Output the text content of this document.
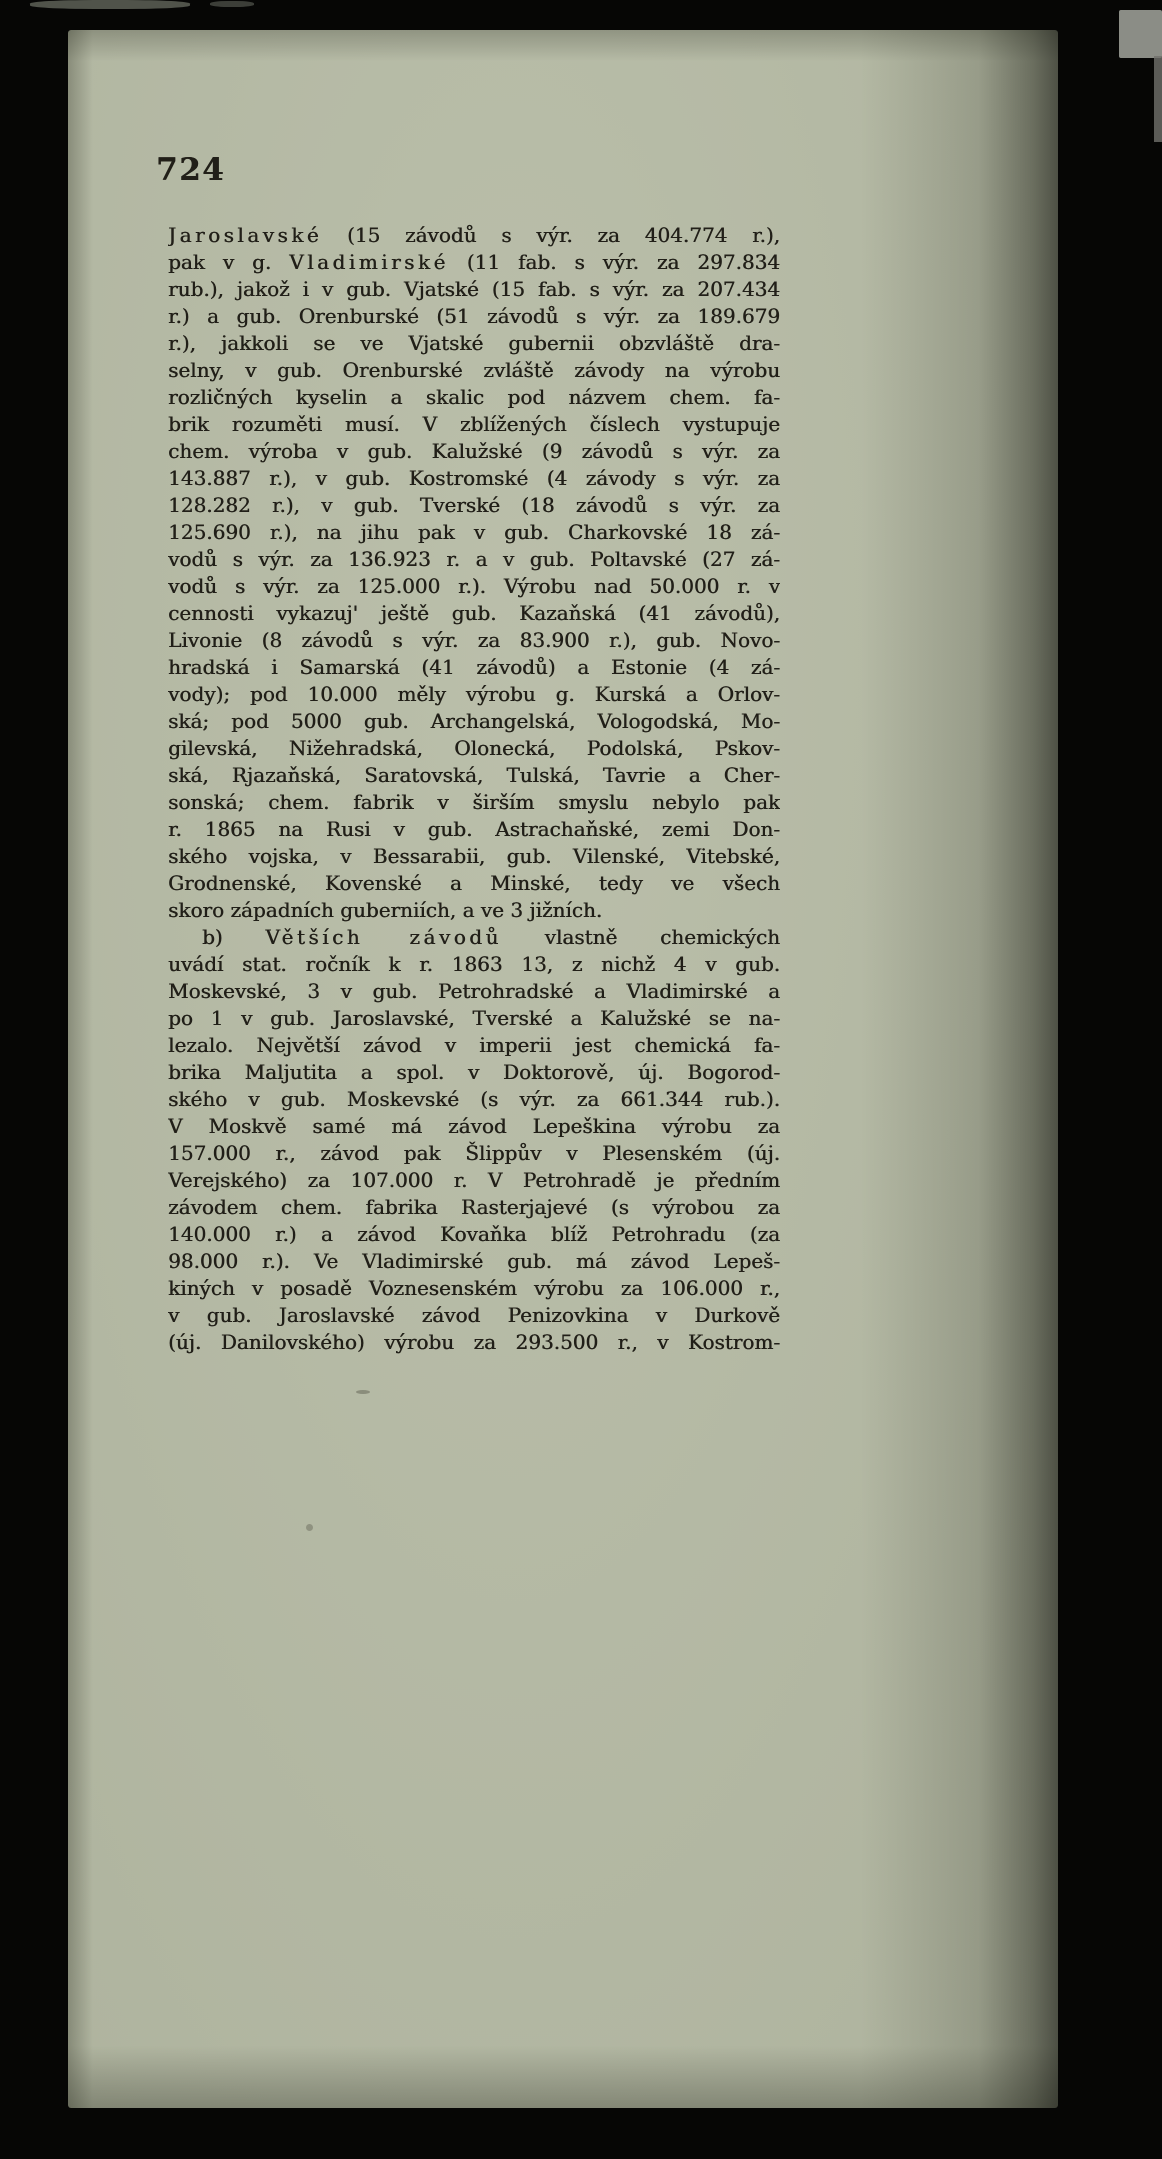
724
Jaroslavské (15 závodů s výr. za 404.774 r.),
pak v g. Vladimirské (11 fab. s výr. za 297.834
rub.), jakož i v gub. Vjatské (15 fab. s výr. za 207.434
r.) a gub. Orenburské (51 závodů s výr. za 189.679
r.), jakkoli se ve Vjatské gubernii obzvláště dra-
selny, v gub. Orenburské zvláště závody na výrobu
rozličných kyselin a skalic pod názvem chem. fa-
brik rozuměti musí. V zblížených číslech vystupuje
chem. výroba v gub. Kalužské (9 závodů s výr. za
143.887 r.), v gub. Kostromské (4 závody s výr. za
128.282 r.), v gub. Tverské (18 závodů s výr. za
125.690 r.), na jihu pak v gub. Charkovské 18 zá-
vodů s výr. za 136.923 r. a v gub. Poltavské (27 zá-
vodů s výr. za 125.000 r.). Výrobu nad 50.000 r. v
cennosti vykazuj' ještě gub. Kazaňská (41 závodů),
Livonie (8 závodů s výr. za 83.900 r.), gub. Novo-
hradská i Samarská (41 závodů) a Estonie (4 zá-
vody); pod 10.000 měly výrobu g. Kurská a Orlov-
ská; pod 5000 gub. Archangelská, Vologodská, Mo-
gilevská, Nižehradská, Olonecká, Podolská, Pskov-
ská, Rjazaňská, Saratovská, Tulská, Tavrie a Cher-
sonská; chem. fabrik v širším smyslu nebylo pak
r. 1865 na Rusi v gub. Astrachaňské, zemi Don-
ského vojska, v Bessarabii, gub. Vilenské, Vitebské,
Grodnenské, Kovenské a Minské, tedy ve všech
skoro západních guberniích, a ve 3 jižních.
b) Větších závodů vlastně chemických
uvádí stat. ročník k r. 1863 13, z nichž 4 v gub.
Moskevské, 3 v gub. Petrohradské a Vladimirské a
po 1 v gub. Jaroslavské, Tverské a Kalužské se na-
lezalo. Největší závod v imperii jest chemická fa-
brika Maljutita a spol. v Doktorově, új. Bogorod-
ského v gub. Moskevské (s výr. za 661.344 rub.).
V Moskvě samé má závod Lepeškina výrobu za
157.000 r., závod pak Šlippův v Plesenském (új.
Verejského) za 107.000 r. V Petrohradě je předním
závodem chem. fabrika Rasterjajevé (s výrobou za
140.000 r.) a závod Kovaňka blíž Petrohradu (za
98.000 r.). Ve Vladimirské gub. má závod Lepeš-
kiných v posadě Voznesenském výrobu za 106.000 r.,
v gub. Jaroslavské závod Penizovkina v Durkově
(új. Danilovského) výrobu za 293.500 r., v Kostrom-
